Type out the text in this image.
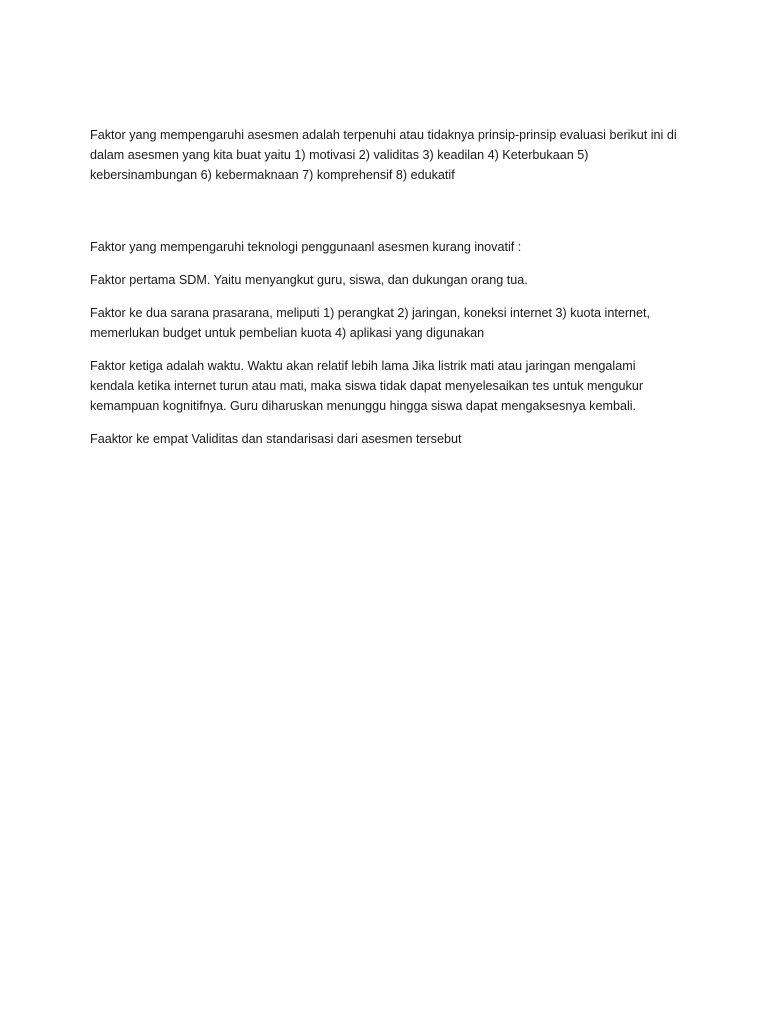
Faktor yang mempengaruhi asesmen adalah terpenuhi atau tidaknya prinsip-prinsip evaluasi berikut ini di dalam asesmen yang kita buat yaitu 1) motivasi 2) validitas 3) keadilan 4) Keterbukaan 5) kebersinambungan 6) kebermaknaan 7) komprehensif 8) edukatif

Faktor yang mempengaruhi teknologi penggunaanl asesmen kurang inovatif :

Faktor pertama SDM. Yaitu menyangkut guru, siswa, dan dukungan orang tua.

Faktor ke dua sarana prasarana, meliputi 1) perangkat 2) jaringan, koneksi internet 3) kuota internet, memerlukan budget untuk pembelian kuota 4) aplikasi yang digunakan

Faktor ketiga adalah waktu. Waktu akan relatif lebih lama Jika listrik mati atau jaringan mengalami kendala ketika internet turun atau mati, maka siswa tidak dapat menyelesaikan tes untuk mengukur kemampuan kognitifnya. Guru diharuskan menunggu hingga siswa dapat mengaksesnya kembali.

Faaktor ke empat Validitas dan standarisasi dari asesmen tersebut
